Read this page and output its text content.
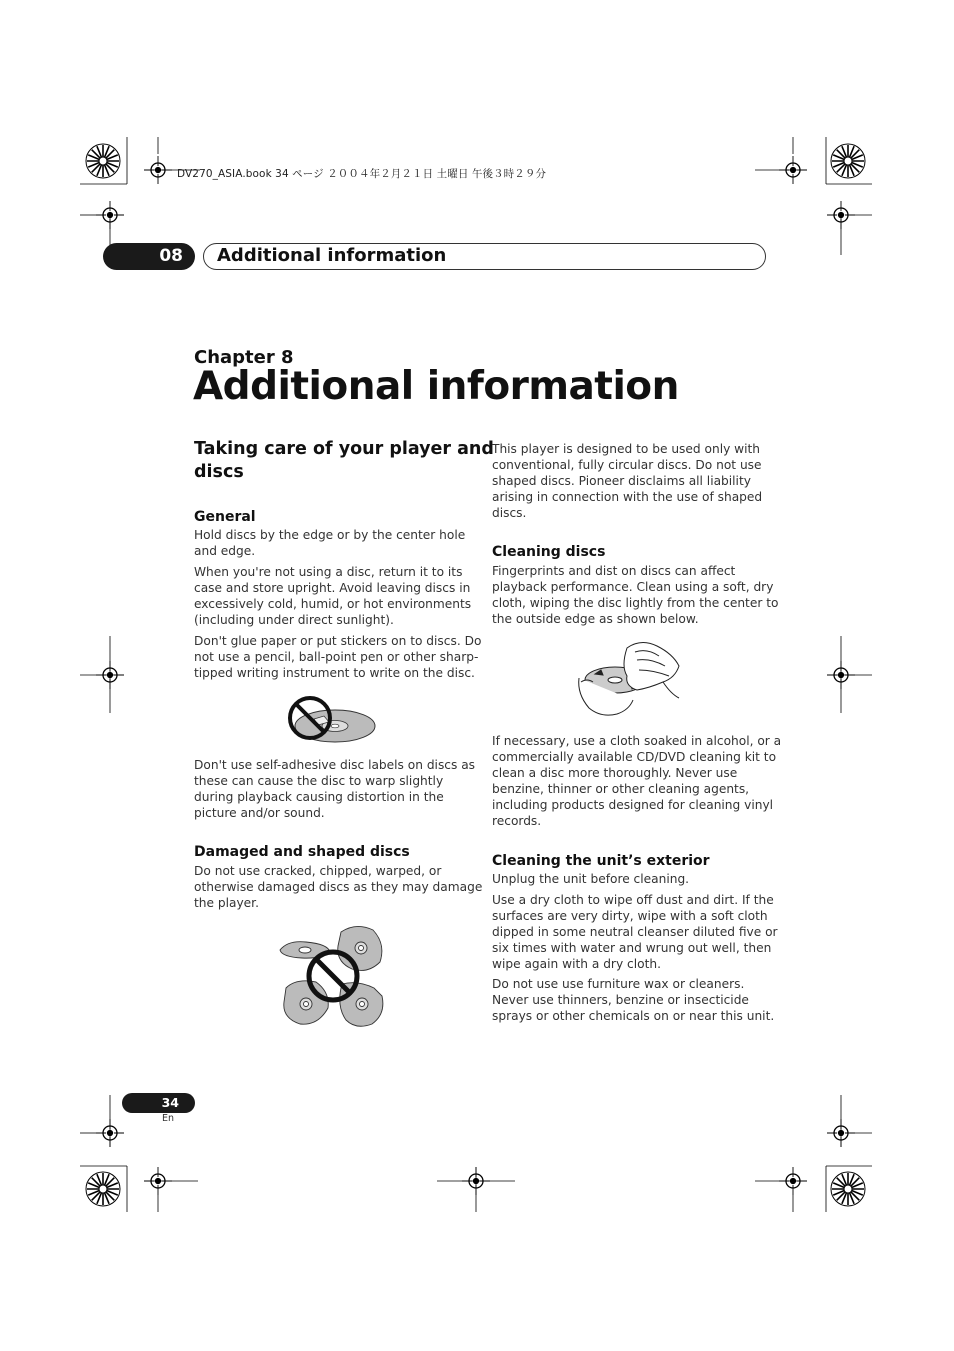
DV270_ASIA.book 34 ページ ２００４年２月２１日 土曜日 午後３時２９分
08	Additional information
Chapter 8
Additional information
Taking care of your player and
discs
General
Hold discs by the edge or by the center hole
and edge.
When you're not using a disc, return it to its
case and store upright. Avoid leaving discs in
excessively cold, humid, or hot environments
(including under direct sunlight).
Don't glue paper or put stickers on to discs. Do
not use a pencil, ball-point pen or other sharp-
tipped writing instrument to write on the disc.
Don't use self-adhesive disc labels on discs as
these can cause the disc to warp slightly
during playback causing distortion in the
picture and/or sound.
Damaged and shaped discs
Do not use cracked, chipped, warped, or
otherwise damaged discs as they may damage
the player.
This player is designed to be used only with
conventional, fully circular discs. Do not use
shaped discs. Pioneer disclaims all liability
arising in connection with the use of shaped
discs.
Cleaning discs
Fingerprints and dist on discs can affect
playback performance. Clean using a soft, dry
cloth, wiping the disc lightly from the center to
the outside edge as shown below.
If necessary, use a cloth soaked in alcohol, or a
commercially available CD/DVD cleaning kit to
clean a disc more thoroughly. Never use
benzine, thinner or other cleaning agents,
including products designed for cleaning vinyl
records.
Cleaning the unit’s exterior
Unplug the unit before cleaning.
Use a dry cloth to wipe off dust and dirt. If the
surfaces are very dirty, wipe with a soft cloth
dipped in some neutral cleanser diluted five or
six times with water and wrung out well, then
wipe again with a dry cloth.
Do not use use furniture wax or cleaners.
Never use thinners, benzine or insecticide
sprays or other chemicals on or near this unit.
34
En
